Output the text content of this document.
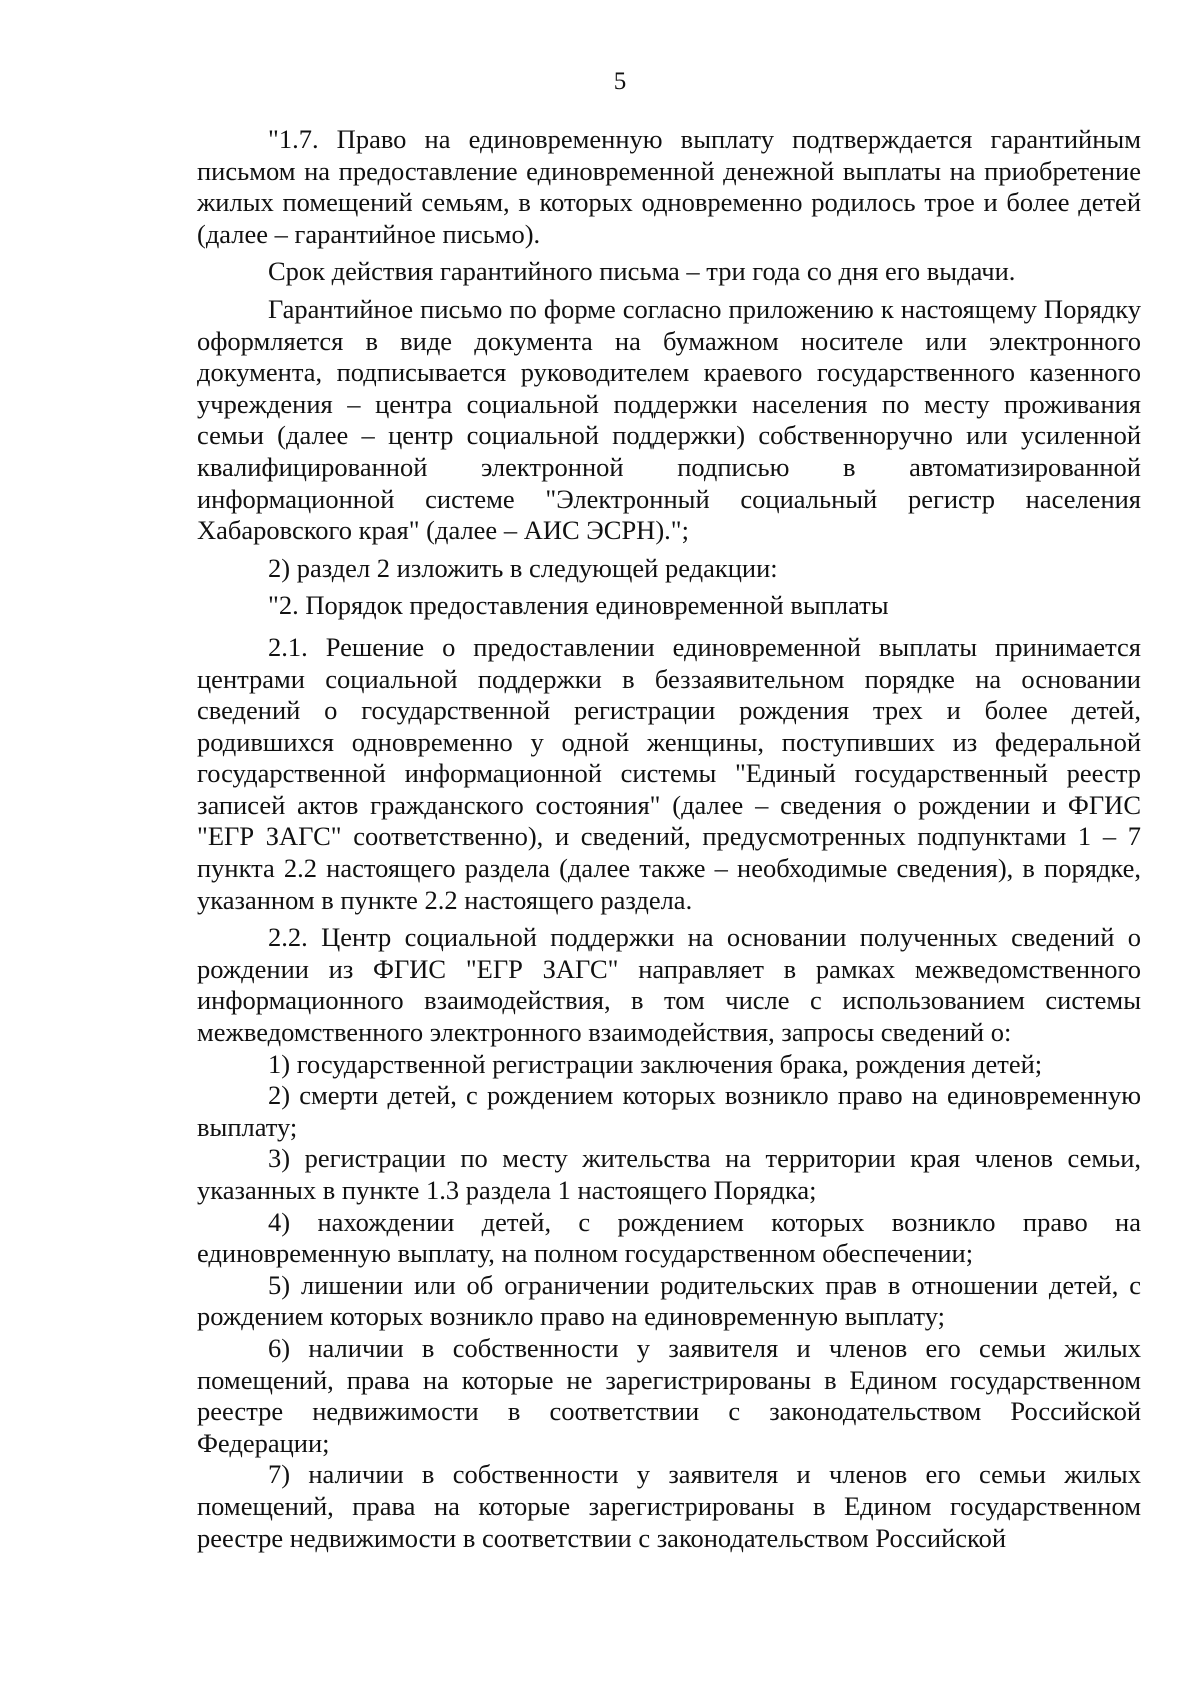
5

"1.7. Право на единовременную выплату подтверждается гарантийным письмом на предоставление единовременной денежной выплаты на приобретение жилых помещений семьям, в которых одновременно родилось трое и более детей (далее – гарантийное письмо).

Срок действия гарантийного письма – три года со дня его выдачи.

Гарантийное письмо по форме согласно приложению к настоящему Порядку оформляется в виде документа на бумажном носителе или электронного документа, подписывается руководителем краевого государственного казенного учреждения – центра социальной поддержки населения по месту проживания семьи (далее – центр социальной поддержки) собственноручно или усиленной квалифицированной электронной подписью в автоматизированной информационной системе "Электронный социальный регистр населения Хабаровского края" (далее – АИС ЭСРН).";

2) раздел 2 изложить в следующей редакции:

"2. Порядок предоставления единовременной выплаты

2.1. Решение о предоставлении единовременной выплаты принимается центрами социальной поддержки в беззаявительном порядке на основании сведений о государственной регистрации рождения трех и более детей, родившихся одновременно у одной женщины, поступивших из федеральной государственной информационной системы "Единый государственный реестр записей актов гражданского состояния" (далее – сведения о рождении и ФГИС "ЕГР ЗАГС" соответственно), и сведений, предусмотренных подпунктами 1 – 7 пункта 2.2 настоящего раздела (далее также – необходимые сведения), в порядке, указанном в пункте 2.2 настоящего раздела.

2.2. Центр социальной поддержки на основании полученных сведений о рождении из ФГИС "ЕГР ЗАГС" направляет в рамках межведомственного информационного взаимодействия, в том числе с использованием системы межведомственного электронного взаимодействия, запросы сведений о:

1) государственной регистрации заключения брака, рождения детей;

2) смерти детей, с рождением которых возникло право на единовременную выплату;

3) регистрации по месту жительства на территории края членов семьи, указанных в пункте 1.3 раздела 1 настоящего Порядка;

4) нахождении детей, с рождением которых возникло право на единовременную выплату, на полном государственном обеспечении;

5) лишении или об ограничении родительских прав в отношении детей, с рождением которых возникло право на единовременную выплату;

6) наличии в собственности у заявителя и членов его семьи жилых помещений, права на которые не зарегистрированы в Едином государственном реестре недвижимости в соответствии с законодательством Российской Федерации;

7) наличии в собственности у заявителя и членов его семьи жилых помещений, права на которые зарегистрированы в Едином государственном реестре недвижимости в соответствии с законодательством Российской
